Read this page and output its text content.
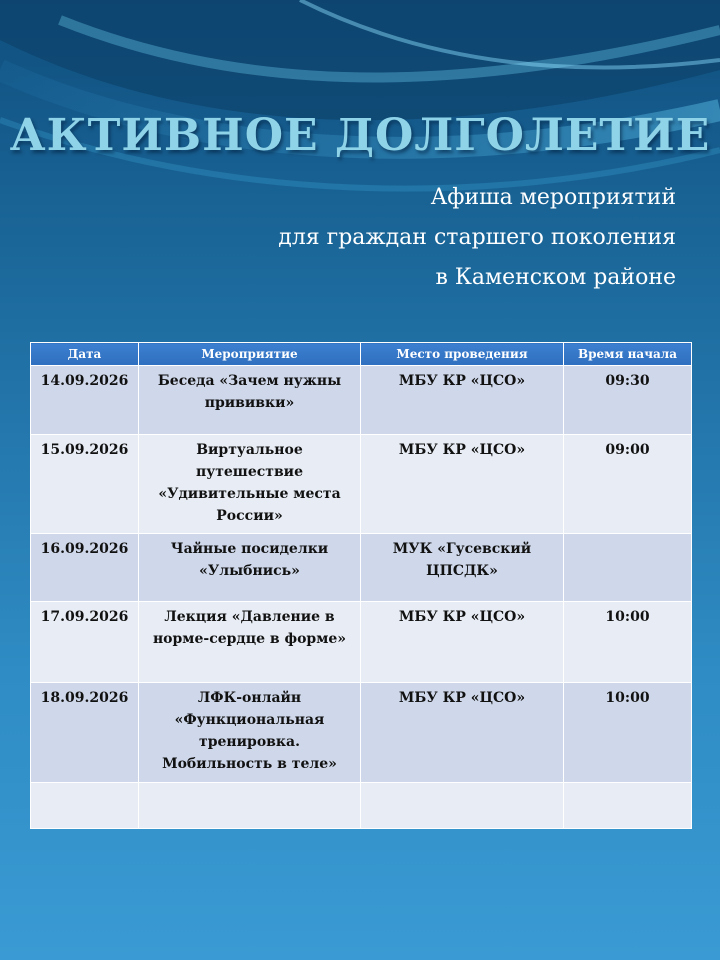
АКТИВНОЕ ДОЛГОЛЕТИЕ
Афиша мероприятий
для граждан старшего поколения
в Каменском районе
Дата	Мероприятие	Место проведения	Время начала
14.09.2026	Беседа «Зачем нужны прививки»	МБУ КР «ЦСО»	09:30
15.09.2026	Виртуальное путешествие «Удивительные места России»	МБУ КР «ЦСО»	09:00
16.09.2026	Чайные посиделки «Улыбнись»	МУК «Гусевский ЦПСДК»	
17.09.2026	Лекция «Давление в норме-сердце в форме»	МБУ КР «ЦСО»	10:00
18.09.2026	ЛФК-онлайн «Функциональная тренировка. Мобильность в теле»	МБУ КР «ЦСО»	10:00
